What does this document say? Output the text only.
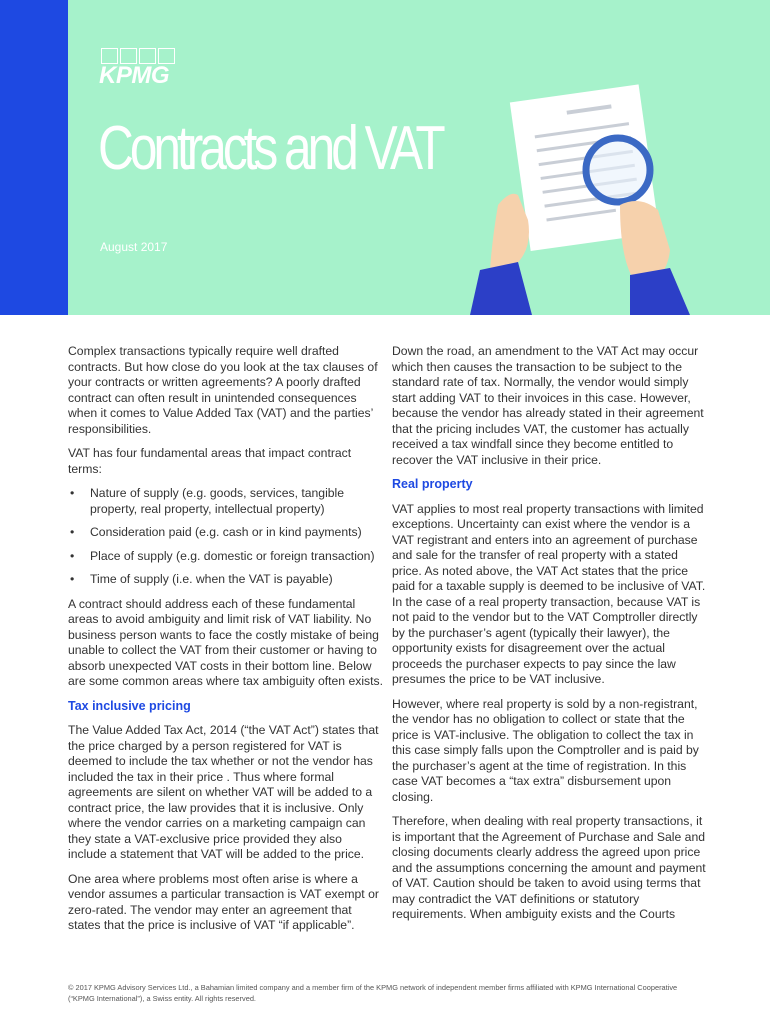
KPMG
Contracts and VAT
August 2017

Complex transactions typically require well drafted contracts. But how close do you look at the tax clauses of your contracts or written agreements? A poorly drafted contract can often result in unintended consequences when it comes to Value Added Tax (VAT) and the parties’ responsibilities.

VAT has four fundamental areas that impact contract terms:

• Nature of supply (e.g. goods, services, tangible property, real property, intellectual property)
• Consideration paid (e.g. cash or in kind payments)
• Place of supply (e.g. domestic or foreign transaction)
• Time of supply (i.e. when the VAT is payable)

A contract should address each of these fundamental areas to avoid ambiguity and limit risk of VAT liability. No business person wants to face the costly mistake of being unable to collect the VAT from their customer or having to absorb unexpected VAT costs in their bottom line. Below are some common areas where tax ambiguity often exists.

Tax inclusive pricing

The Value Added Tax Act, 2014 (“the VAT Act”) states that the price charged by a person registered for VAT is deemed to include the tax whether or not the vendor has included the tax in their price . Thus where formal agreements are silent on whether VAT will be added to a contract price, the law provides that it is inclusive. Only where the vendor carries on a marketing campaign can they state a VAT-exclusive price provided they also include a statement that VAT will be added to the price.

One area where problems most often arise is where a vendor assumes a particular transaction is VAT exempt or zero-rated. The vendor may enter an agreement that states that the price is inclusive of VAT “if applicable”.

Down the road, an amendment to the VAT Act may occur which then causes the transaction to be subject to the standard rate of tax. Normally, the vendor would simply start adding VAT to their invoices in this case. However, because the vendor has already stated in their agreement that the pricing includes VAT, the customer has actually received a tax windfall since they become entitled to recover the VAT inclusive in their price.

Real property

VAT applies to most real property transactions with limited exceptions. Uncertainty can exist where the vendor is a VAT registrant and enters into an agreement of purchase and sale for the transfer of real property with a stated price. As noted above, the VAT Act states that the price paid for a taxable supply is deemed to be inclusive of VAT. In the case of a real property transaction, because VAT is not paid to the vendor but to the VAT Comptroller directly by the purchaser’s agent (typically their lawyer), the opportunity exists for disagreement over the actual proceeds the purchaser expects to pay since the law presumes the price to be VAT inclusive.

However, where real property is sold by a non-registrant, the vendor has no obligation to collect or state that the price is VAT-inclusive. The obligation to collect the tax in this case simply falls upon the Comptroller and is paid by the purchaser’s agent at the time of registration. In this case VAT becomes a “tax extra” disbursement upon closing.

Therefore, when dealing with real property transactions, it is important that the Agreement of Purchase and Sale and closing documents clearly address the agreed upon price and the assumptions concerning the amount and payment of VAT. Caution should be taken to avoid using terms that may contradict the VAT definitions or statutory requirements. When ambiguity exists and the Courts

© 2017 KPMG Advisory Services Ltd., a Bahamian limited company and a member firm of the KPMG network of independent member firms affiliated with KPMG International Cooperative (“KPMG International”), a Swiss entity. All rights reserved.
